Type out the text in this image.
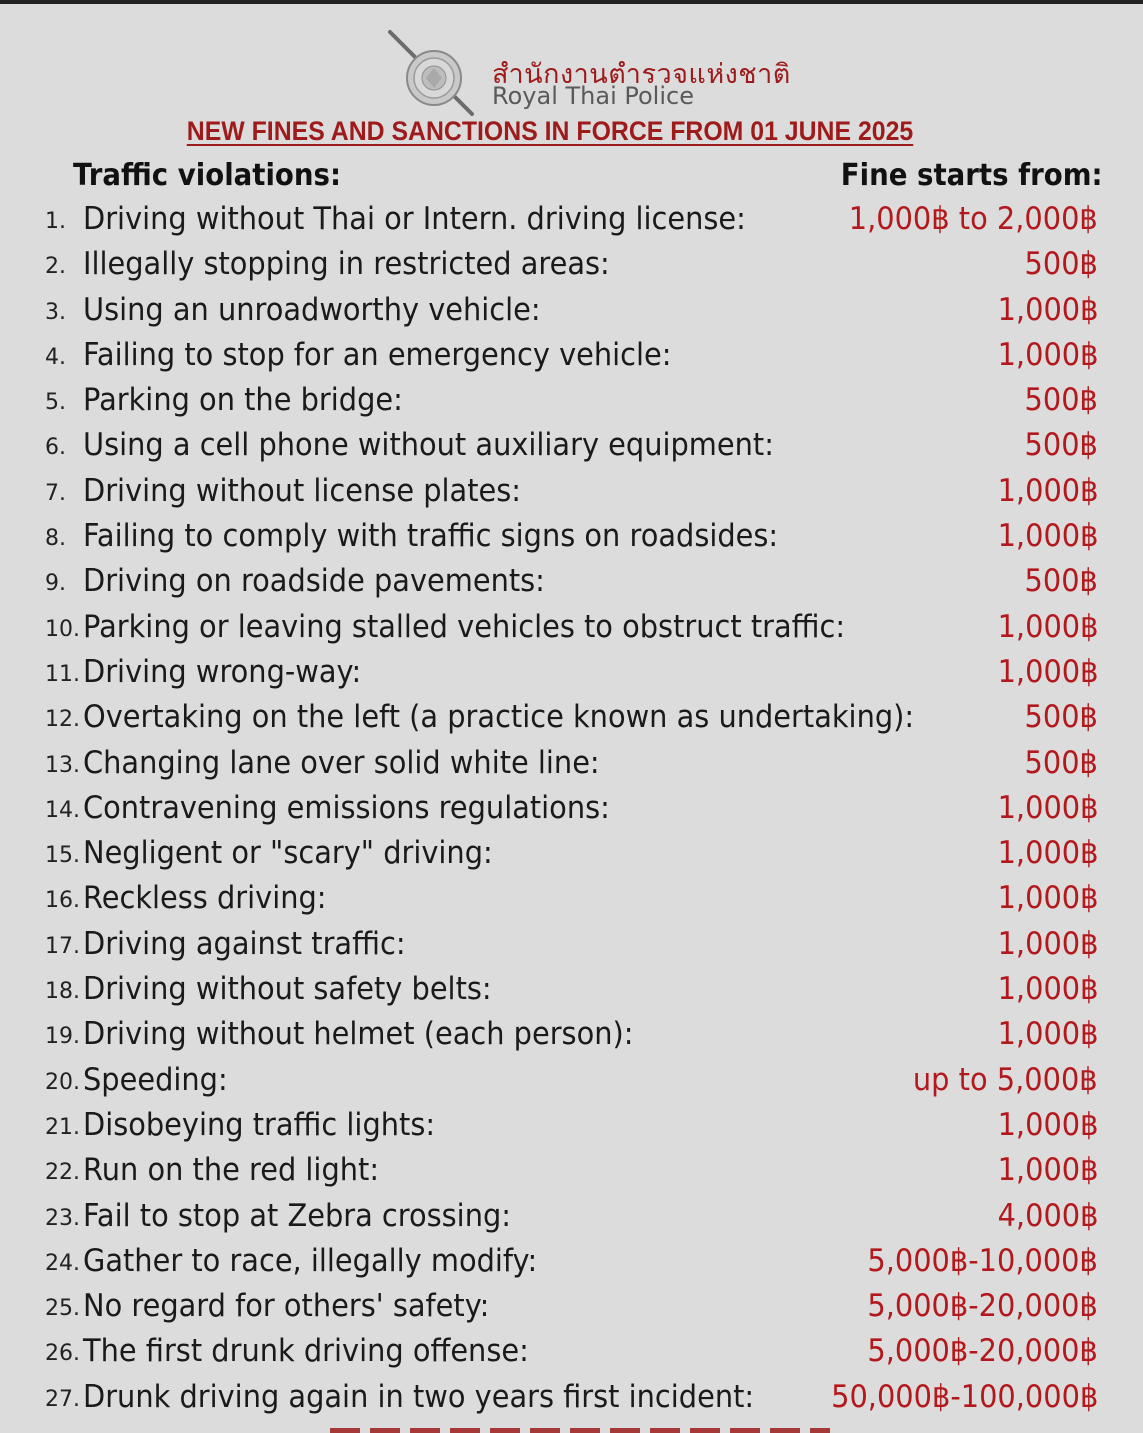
สำนักงานตำรวจแห่งชาติ
Royal Thai Police
NEW FINES AND SANCTIONS IN FORCE FROM 01 JUNE 2025
Traffic violations:	Fine starts from:
1. Driving without Thai or Intern. driving license:	1,000฿ to 2,000฿
2. Illegally stopping in restricted areas:	500฿
3. Using an unroadworthy vehicle:	1,000฿
4. Failing to stop for an emergency vehicle:	1,000฿
5. Parking on the bridge:	500฿
6. Using a cell phone without auxiliary equipment:	500฿
7. Driving without license plates:	1,000฿
8. Failing to comply with traffic signs on roadsides:	1,000฿
9. Driving on roadside pavements:	500฿
10. Parking or leaving stalled vehicles to obstruct traffic:	1,000฿
11. Driving wrong-way:	1,000฿
12. Overtaking on the left (a practice known as undertaking):	500฿
13. Changing lane over solid white line:	500฿
14. Contravening emissions regulations:	1,000฿
15. Negligent or "scary" driving:	1,000฿
16. Reckless driving:	1,000฿
17. Driving against traffic:	1,000฿
18. Driving without safety belts:	1,000฿
19. Driving without helmet (each person):	1,000฿
20. Speeding:	up to 5,000฿
21. Disobeying traffic lights:	1,000฿
22. Run on the red light:	1,000฿
23. Fail to stop at Zebra crossing:	4,000฿
24. Gather to race, illegally modify:	5,000฿-10,000฿
25. No regard for others' safety:	5,000฿-20,000฿
26. The first drunk driving offense:	5,000฿-20,000฿
27. Drunk driving again in two years first incident: 50,000฿-100,000฿
